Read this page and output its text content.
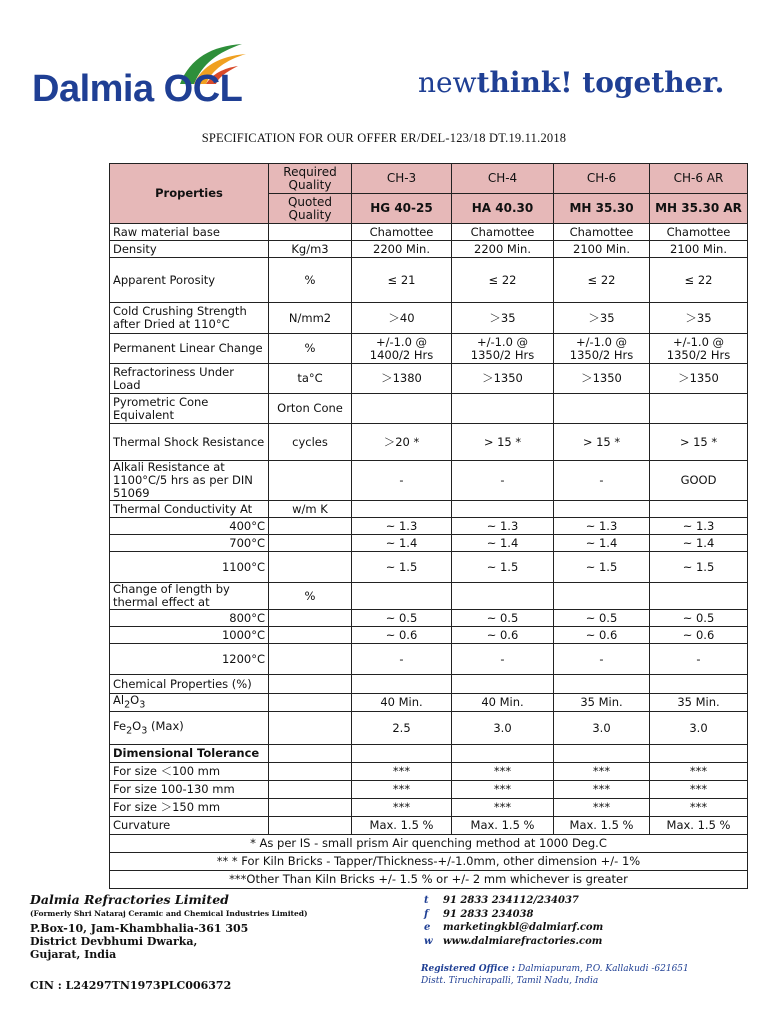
Dalmia OCL	newthink! together.
SPECIFICATION FOR OUR OFFER ER/DEL-123/18 DT.19.11.2018
Properties	Required Quality	CH-3	CH-4	CH-6	CH-6 AR
	Quoted Quality	HG 40-25	HA 40.30	MH 35.30	MH 35.30 AR
Raw material base		Chamottee	Chamottee	Chamottee	Chamottee
Density	Kg/m3	2200 Min.	2200 Min.	2100 Min.	2100 Min.
Apparent Porosity	%	≤ 21	≤ 22	≤ 22	≤ 22
Cold Crushing Strength after Dried at 110°C	N/mm2	＞40	＞35	＞35	＞35
Permanent Linear Change	%	+/-1.0 @ 1400/2 Hrs	+/-1.0 @ 1350/2 Hrs	+/-1.0 @ 1350/2 Hrs	+/-1.0 @ 1350/2 Hrs
Refractoriness Under Load	ta°C	＞1380	＞1350	＞1350	＞1350
Pyrometric Cone Equivalent	Orton Cone				
Thermal Shock Resistance	cycles	＞20 *	> 15 *	> 15 *	> 15 *
Alkali Resistance at 1100°C/5 hrs as per DIN 51069		-	-	-	GOOD
Thermal Conductivity At	w/m K				
400°C		~ 1.3	~ 1.3	~ 1.3	~ 1.3
700°C		~ 1.4	~ 1.4	~ 1.4	~ 1.4
1100°C		~ 1.5	~ 1.5	~ 1.5	~ 1.5
Change of length by thermal effect at	%				
800°C		~ 0.5	~ 0.5	~ 0.5	~ 0.5
1000°C		~ 0.6	~ 0.6	~ 0.6	~ 0.6
1200°C		-	-	-	-
Chemical Properties (%)					
$Al_2O_3$		40 Min.	40 Min.	35 Min.	35 Min.
$Fe_2O_3$ (Max)		2.5	3.0	3.0	3.0
Dimensional Tolerance					
For size ＜100 mm		***	***	***	***
For size 100-130 mm		***	***	***	***
For size ＞150 mm		***	***	***	***
Curvature		Max. 1.5 %	Max. 1.5 %	Max. 1.5 %	Max. 1.5 %
* As per IS - small prism Air quenching method at 1000 Deg.C					
** * For Kiln Bricks - Tapper/Thickness-+/-1.0mm, other dimension +/- 1%					
***Other Than Kiln Bricks +/- 1.5 % or +/- 2 mm whichever is greater					
Dalmia Refractories Limited
(Formerly Shri Nataraj Ceramic and Chemical Industries Limited)
P.Box-10, Jam-Khambhalia-361 305
District Devbhumi Dwarka,
Gujarat, India
CIN : L24297TN1973PLC006372
t 91 2833 234112/234037
f 91 2833 234038
e marketingkbl@dalmiarf.com
w www.dalmiarefractories.com
Registered Office : Dalmiapuram, P.O. Kallakudi -621651
Distt. Tiruchirapalli, Tamil Nadu, India
